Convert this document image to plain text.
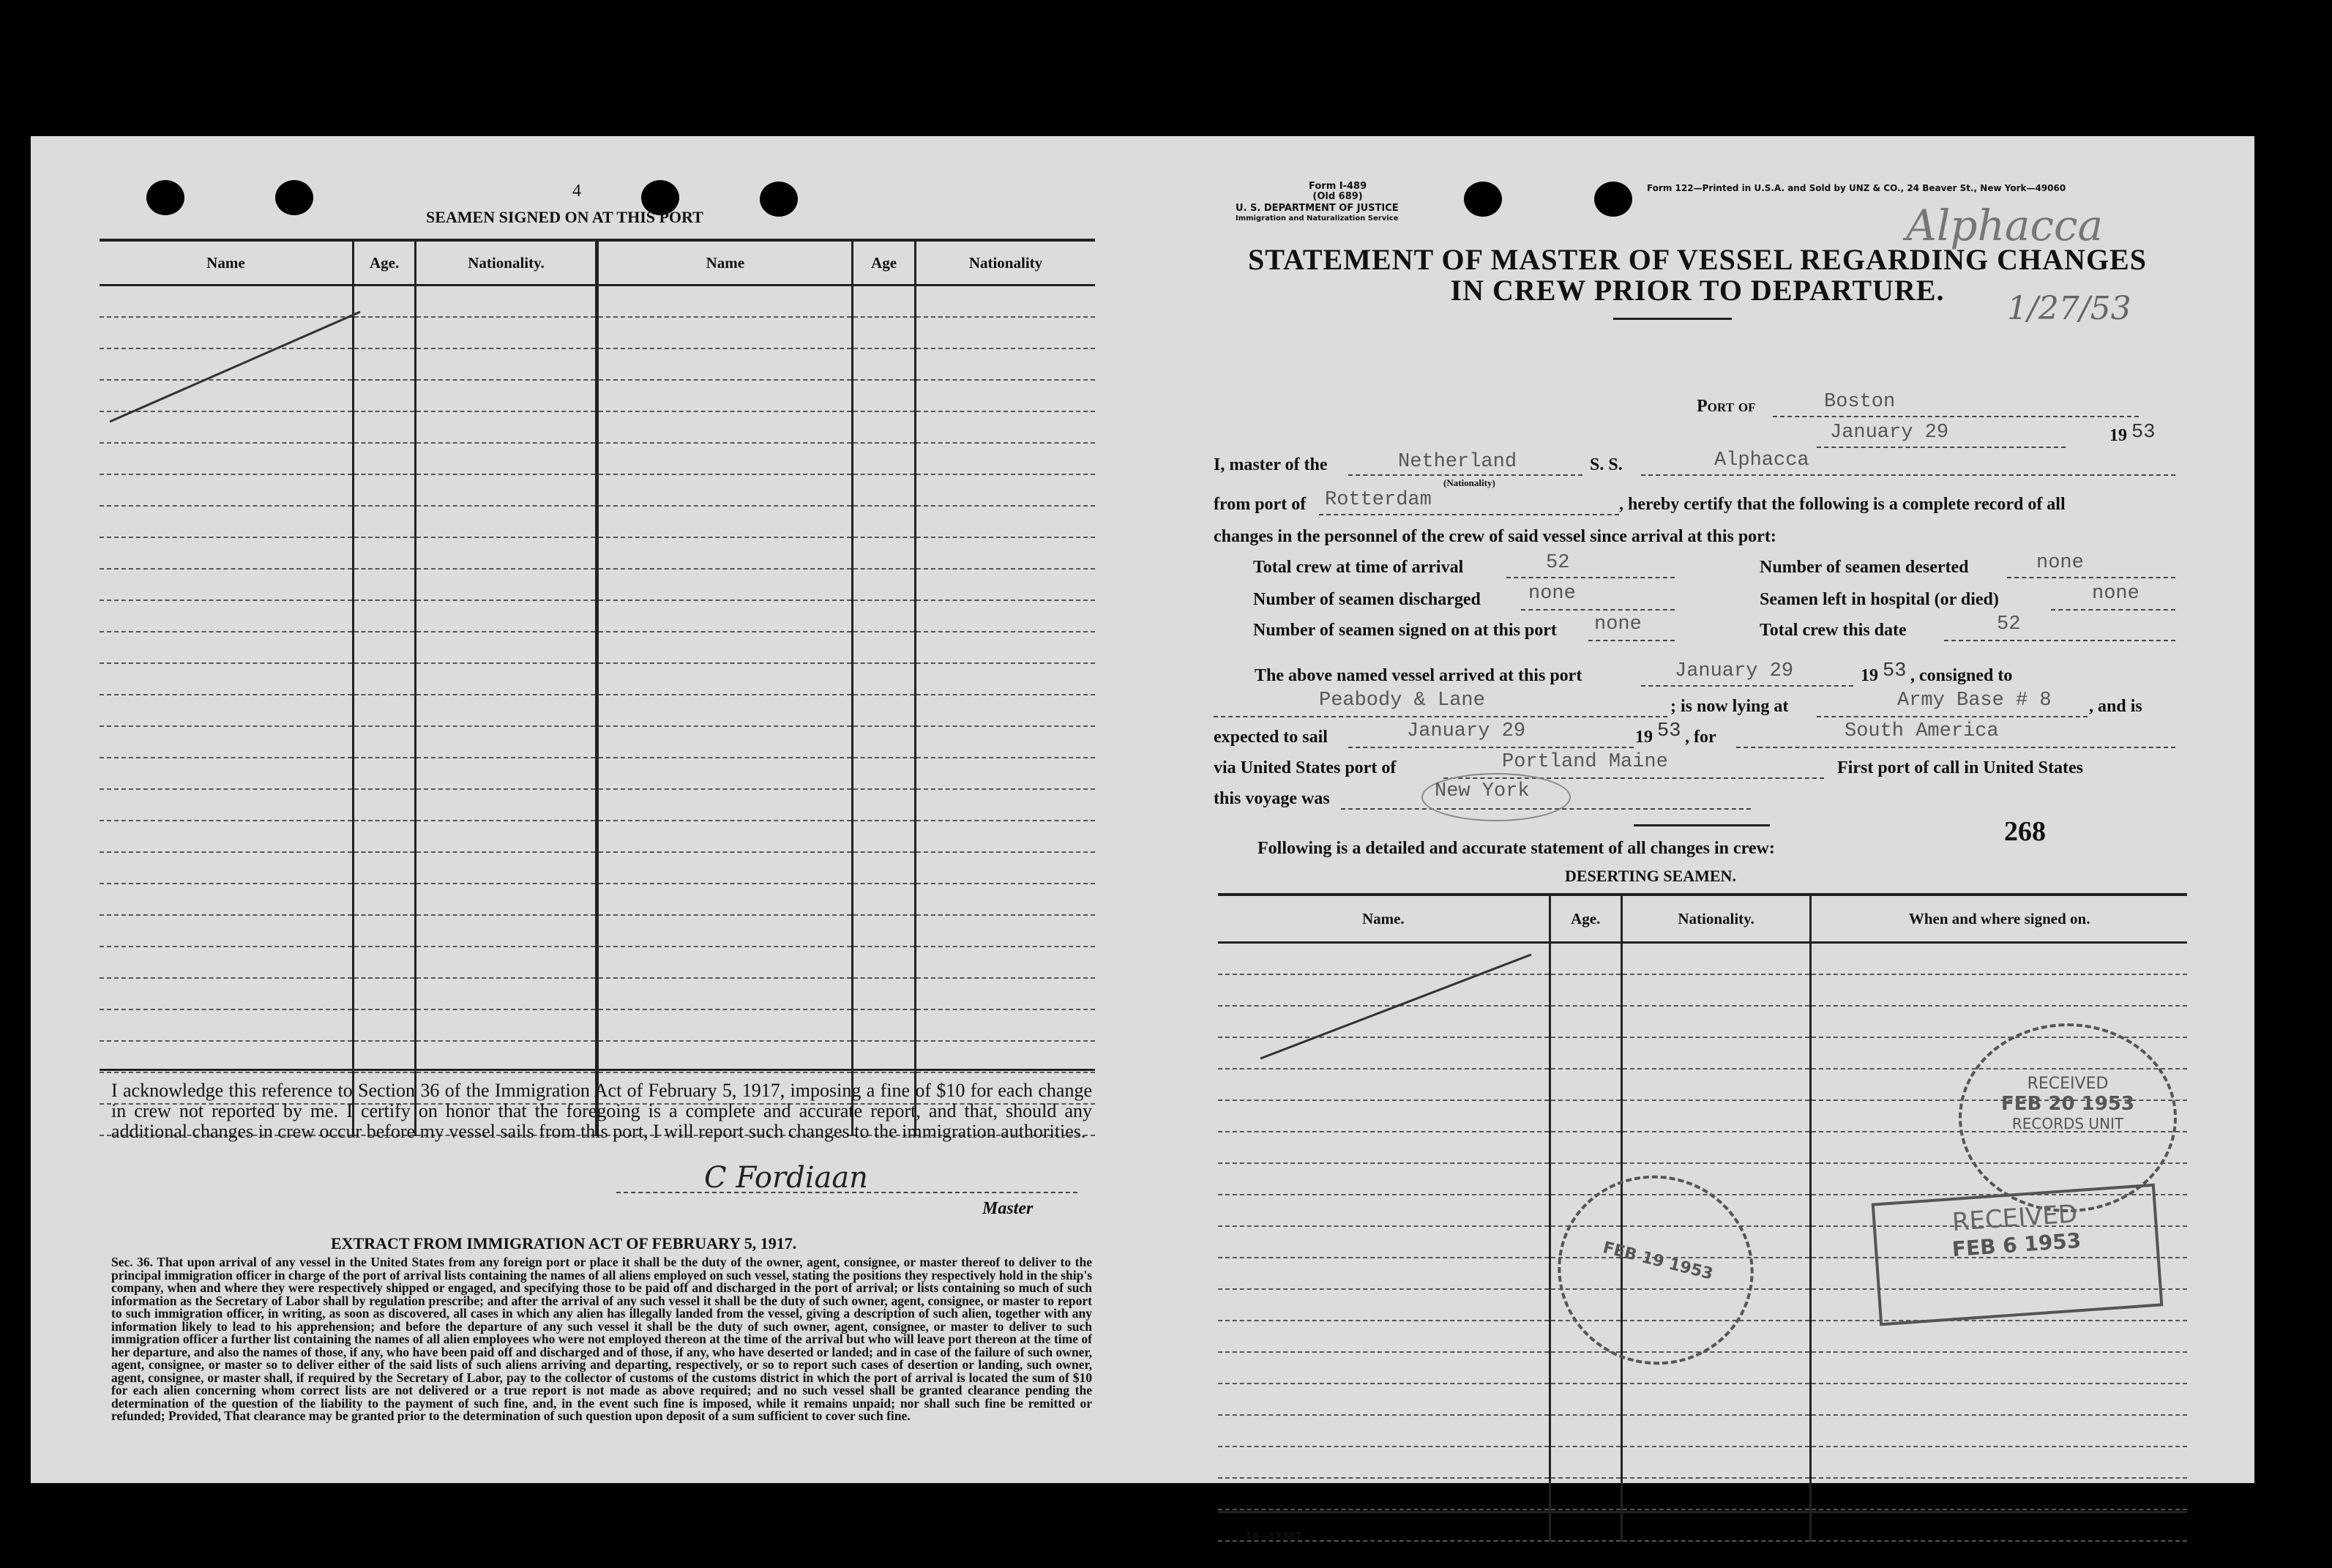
4
SEAMEN SIGNED ON AT THIS PORT
Name	Age.	Nationality.	Name	Age	Nationality

I acknowledge this reference to Section 36 of the Immigration Act of February 5, 1917, imposing a fine of $10 for each change in crew not reported by me. I certify on honor that the foregoing is a complete and accurate report, and that, should any additional changes in crew occur before my vessel sails from this port, I will report such changes to the immigration authorities.
C Fordiaan
Master
EXTRACT FROM IMMIGRATION ACT OF FEBRUARY 5, 1917.
Sec. 36. That upon arrival of any vessel in the United States from any foreign port or place it shall be the duty of the owner, agent, consignee, or master thereof to deliver to the principal immigration officer in charge of the port of arrival lists containing the names of all aliens employed on such vessel, stating the positions they respectively hold in the ship's company, when and where they were respectively shipped or engaged, and specifying those to be paid off and discharged in the port of arrival; or lists containing so much of such information as the Secretary of Labor shall by regulation prescribe; and after the arrival of any such vessel it shall be the duty of such owner, agent, consignee, or master to report to such immigration officer, in writing, as soon as discovered, all cases in which any alien has illegally landed from the vessel, giving a description of such alien, together with any information likely to lead to his apprehension; and before the departure of any such vessel it shall be the duty of such owner, agent, consignee, or master to deliver to such immigration officer a further list containing the names of all alien employees who were not employed thereon at the time of the arrival but who will leave port thereon at the time of her departure, and also the names of those, if any, who have been paid off and discharged and of those, if any, who have deserted or landed; and in case of the failure of such owner, agent, consignee, or master so to deliver either of the said lists of such aliens arriving and departing, respectively, or so to report such cases of desertion or landing, such owner, agent, consignee, or master shall, if required by the Secretary of Labor, pay to the collector of customs of the customs district in which the port of arrival is located the sum of $10 for each alien concerning whom correct lists are not delivered or a true report is not made as above required; and no such vessel shall be granted clearance pending the determination of the question of the liability to the payment of such fine, and, in the event such fine is imposed, while it remains unpaid; nor shall such fine be remitted or refunded; Provided, That clearance may be granted prior to the determination of such question upon deposit of a sum sufficient to cover such fine.
Form I-489
(Old 689)
U. S. DEPARTMENT OF JUSTICE
Immigration and Naturalization Service
Form 122—Printed in U.S.A. and Sold by UNZ & CO., 24 Beaver St., New York—49060
Alphacca
1/27/53
STATEMENT OF MASTER OF VESSEL REGARDING CHANGES
IN CREW PRIOR TO DEPARTURE.
Port of	Boston
January 29	19 53
I, master of the	Netherland
(Nationality)
S. S.	Alphacca
from port of Rotterdam	, hereby certify that the following is a complete record of all
changes in the personnel of the crew of said vessel since arrival at this port:
Total crew at time of arrival	52	Number of seamen deserted	none
Number of seamen discharged none	Seamen left in hospital (or died)	none
Number of seamen signed on at this port none	Total crew this date	52
The above named vessel arrived at this port	January 29	19 53 , consigned to
Peabody & Lane	; is now lying at	Army Base # 8 , and is
expected to sail	January 29	19 53 , for	South America
via United States port of	Portland Maine	First port of call in United States
this voyage was	New York
268
Following is a detailed and accurate statement of all changes in crew:
DESERTING SEAMEN.
Name.	Age.	Nationality.	When and where signed on.

16—17387
RECEIVED
FEB 20 1953
RECORDS UNIT
RECEIVED
FEB 6 1953
FEB 19 1953
